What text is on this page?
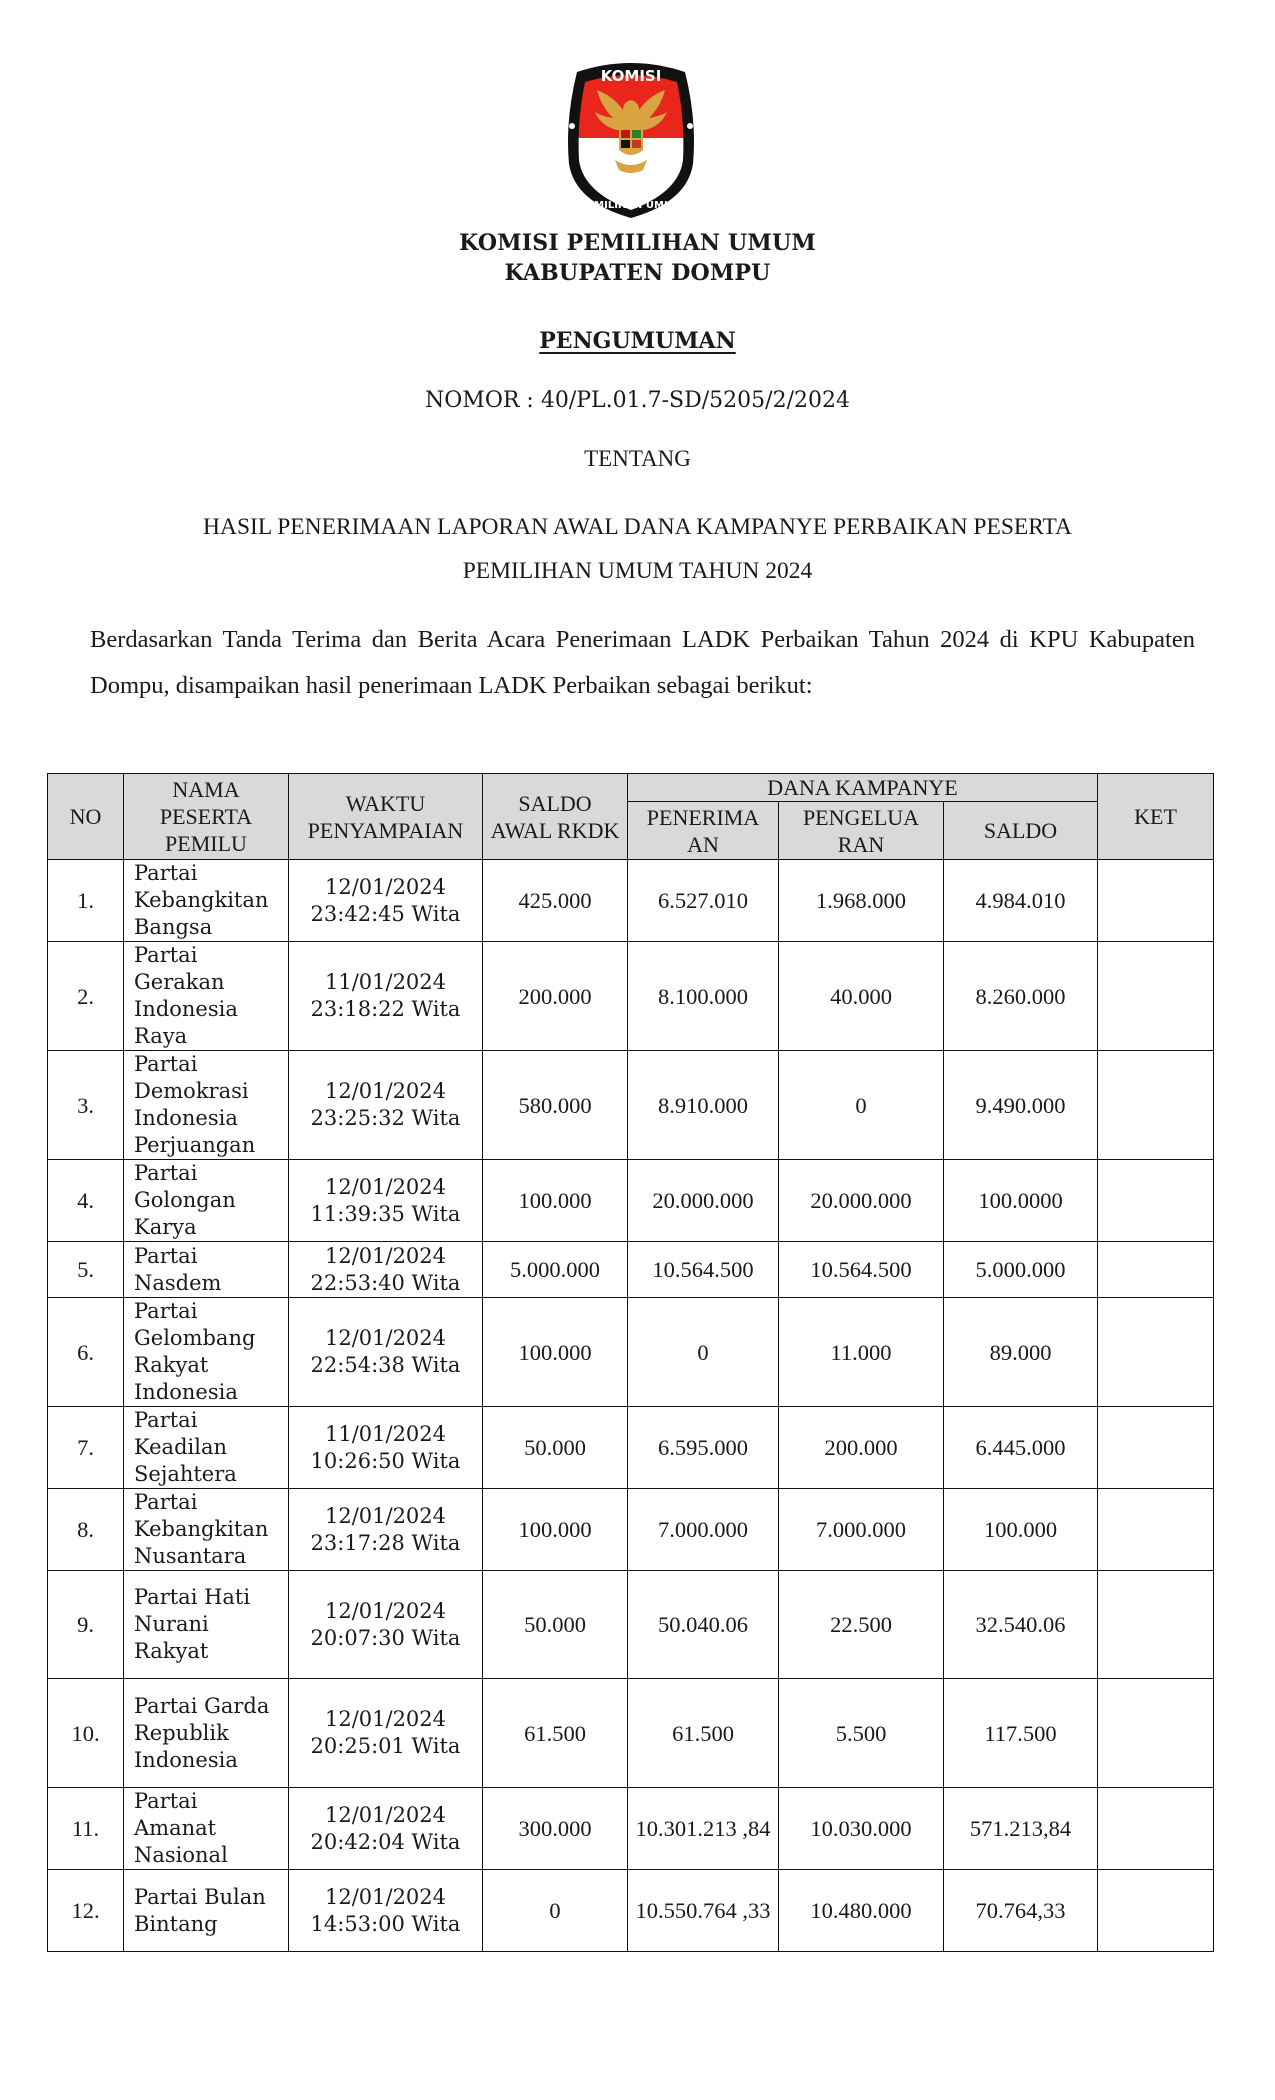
KOMISI
PEMILIHAN UMUM
KOMISI PEMILIHAN UMUM
KABUPATEN DOMPU
PENGUMUMAN
NOMOR : 40/PL.01.7-SD/5205/2/2024
TENTANG
HASIL PENERIMAAN LAPORAN AWAL DANA KAMPANYE PERBAIKAN PESERTA
PEMILIHAN UMUM TAHUN 2024
Berdasarkan Tanda Terima dan Berita Acara Penerimaan LADK Perbaikan Tahun 2024 di KPU Kabupaten Dompu, disampaikan hasil penerimaan LADK Perbaikan sebagai berikut:
NO	NAMA PESERTA PEMILU	WAKTU PENYAMPAIAN	SALDO AWAL RKDK	DANA KAMPANYE			KET
				PENERIMA AN	PENGELUA RAN	SALDO	
1.	Partai Kebangkitan Bangsa	12/01/2024
23:42:45 Wita	425.000	6.527.010	1.968.000	4.984.010	
2.	Partai Gerakan Indonesia Raya	11/01/2024
23:18:22 Wita	200.000	8.100.000	40.000	8.260.000	
3.	Partai Demokrasi Indonesia Perjuangan	12/01/2024
23:25:32 Wita	580.000	8.910.000	0	9.490.000	
4.	Partai Golongan Karya	12/01/2024
11:39:35 Wita	100.000	20.000.000	20.000.000	100.0000	
5.	Partai Nasdem	12/01/2024
22:53:40 Wita	5.000.000	10.564.500	10.564.500	5.000.000	
6.	Partai Gelombang Rakyat Indonesia	12/01/2024
22:54:38 Wita	100.000	0	11.000	89.000	
7.	Partai Keadilan Sejahtera	11/01/2024
10:26:50 Wita	50.000	6.595.000	200.000	6.445.000	
8.	Partai Kebangkitan Nusantara	12/01/2024
23:17:28 Wita	100.000	7.000.000	7.000.000	100.000	
9.	Partai Hati Nurani Rakyat	12/01/2024
20:07:30 Wita	50.000	50.040.06	22.500	32.540.06	
10.	Partai Garda Republik Indonesia	12/01/2024
20:25:01 Wita	61.500	61.500	5.500	117.500	
11.	Partai Amanat Nasional	12/01/2024
20:42:04 Wita	300.000	10.301.213 ,84	10.030.000	571.213,84	
12.	Partai Bulan Bintang	12/01/2024
14:53:00 Wita	0	10.550.764 ,33	10.480.000	70.764,33	
